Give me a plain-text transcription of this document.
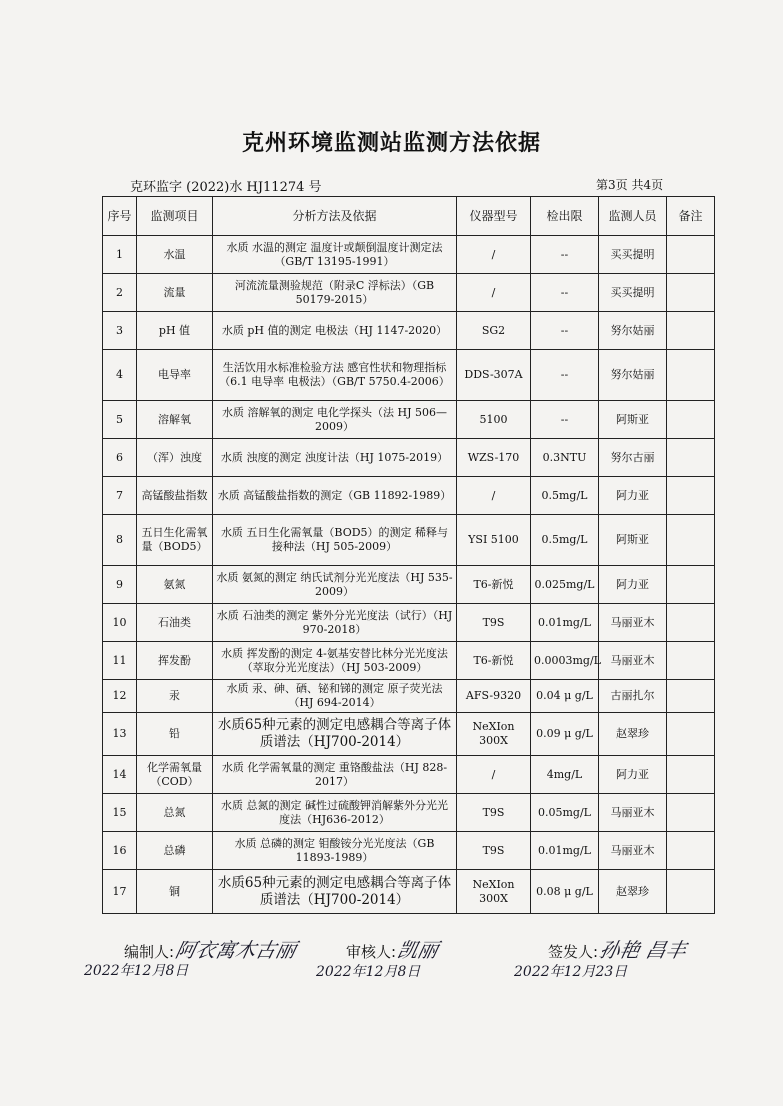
克州环境监测站监测方法依据
克环监字 (2022)水 HJ11274 号	第3页 共4页
序号	监测项目	分析方法及依据	仪器型号	检出限	监测人员	备注
1	水温	水质 水温的测定 温度计或颠倒温度计测定法（GB/T 13195-1991）	/	--	买买提明	
2	流量	河流流量测验规范（附录C 浮标法）（GB 50179-2015）	/	--	买买提明	
3	pH 值	水质 pH 值的测定 电极法（HJ 1147-2020）	SG2	--	努尔姑丽	
4	电导率	生活饮用水标准检验方法 感官性状和物理指标（6.1 电导率 电极法）（GB/T 5750.4-2006）	DDS-307A	--	努尔姑丽	
5	溶解氧	水质 溶解氧的测定 电化学探头（法 HJ 506—2009）	5100	--	阿斯亚	
6	（浑）浊度	水质 浊度的测定 浊度计法（HJ 1075-2019）	WZS-170	0.3NTU	努尔古丽	
7	高锰酸盐指数	水质 高锰酸盐指数的测定（GB 11892-1989）	/	0.5mg/L	阿力亚	
8	五日生化需氧量（BOD5）	水质 五日生化需氧量（BOD5）的测定 稀释与接种法（HJ 505-2009）	YSI 5100	0.5mg/L	阿斯亚	
9	氨氮	水质 氨氮的测定 纳氏试剂分光光度法（HJ 535-2009）	T6-新悦	0.025mg/L	阿力亚	
10	石油类	水质 石油类的测定 紫外分光光度法（试行）（HJ 970-2018）	T9S	0.01mg/L	马丽亚木	
11	挥发酚	水质 挥发酚的测定 4-氨基安替比林分光光度法（萃取分光光度法）（HJ 503-2009）	T6-新悦	0.0003mg/L	马丽亚木	
12	汞	水质 汞、砷、硒、铋和锑的测定 原子荧光法（HJ 694-2014）	AFS-9320	0.04 μ g/L	古丽扎尔	
13	铅	水质65种元素的测定电感耦合等离子体质谱法（HJ700-2014）	NeXIon 300X	0.09 μ g/L	赵翠珍	
14	化学需氧量（COD）	水质 化学需氧量的测定 重铬酸盐法（HJ 828-2017）	/	4mg/L	阿力亚	
15	总氮	水质 总氮的测定 碱性过硫酸钾消解紫外分光光度法（HJ636-2012）	T9S	0.05mg/L	马丽亚木	
16	总磷	水质 总磷的测定 钼酸铵分光光度法（GB 11893-1989）	T9S	0.01mg/L	马丽亚木	
17	铜	水质65种元素的测定电感耦合等离子体质谱法（HJ700-2014）	NeXIon 300X	0.08 μ g/L	赵翠珍	
编制人:阿衣寓木古丽	审核人:凯丽	签发人:孙艳 昌丰
2022年12月8日	2022年12月8日	2022年12月23日
